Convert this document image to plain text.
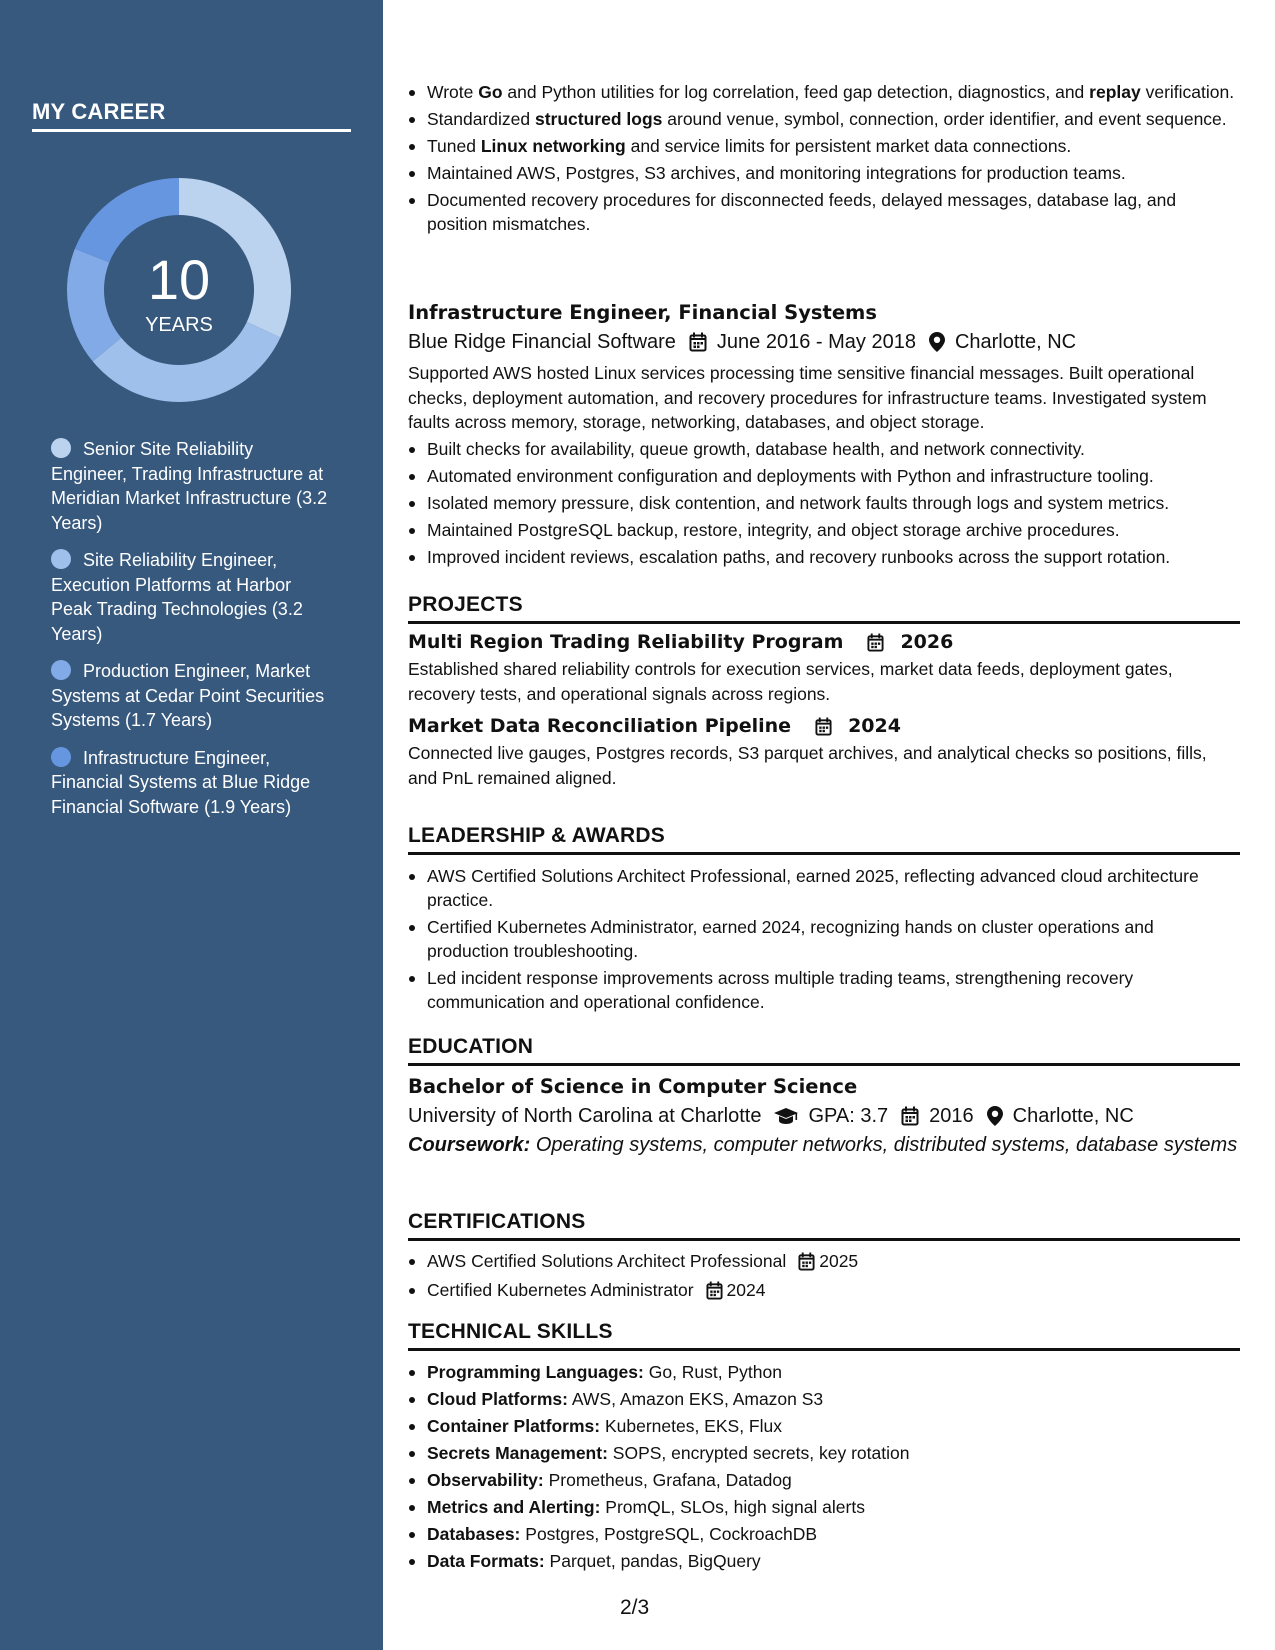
MY CAREER
10
YEARS
Senior Site Reliability Engineer, Trading Infrastructure at Meridian Market Infrastructure (3.2 Years)
Site Reliability Engineer, Execution Platforms at Harbor Peak Trading Technologies (3.2 Years)
Production Engineer, Market Systems at Cedar Point Securities Systems (1.7 Years)
Infrastructure Engineer, Financial Systems at Blue Ridge Financial Software (1.9 Years)
Wrote Go and Python utilities for log correlation, feed gap detection, diagnostics, and replay verification.
Standardized structured logs around venue, symbol, connection, order identifier, and event sequence.
Tuned Linux networking and service limits for persistent market data connections.
Maintained AWS, Postgres, S3 archives, and monitoring integrations for production teams.
Documented recovery procedures for disconnected feeds, delayed messages, database lag, and position mismatches.
Infrastructure Engineer, Financial Systems
Blue Ridge Financial Software June 2016 - May 2018 Charlotte, NC
Supported AWS hosted Linux services processing time sensitive financial messages. Built operational checks, deployment automation, and recovery procedures for infrastructure teams. Investigated system faults across memory, storage, networking, databases, and object storage.
Built checks for availability, queue growth, database health, and network connectivity.
Automated environment configuration and deployments with Python and infrastructure tooling.
Isolated memory pressure, disk contention, and network faults through logs and system metrics.
Maintained PostgreSQL backup, restore, integrity, and object storage archive procedures.
Improved incident reviews, escalation paths, and recovery runbooks across the support rotation.
PROJECTS
Multi Region Trading Reliability Program	2026
Established shared reliability controls for execution services, market data feeds, deployment gates, recovery tests, and operational signals across regions.
Market Data Reconciliation Pipeline	2024
Connected live gauges, Postgres records, S3 parquet archives, and analytical checks so positions, fills, and PnL remained aligned.
LEADERSHIP & AWARDS
AWS Certified Solutions Architect Professional, earned 2025, reflecting advanced cloud architecture practice.
Certified Kubernetes Administrator, earned 2024, recognizing hands on cluster operations and production troubleshooting.
Led incident response improvements across multiple trading teams, strengthening recovery communication and operational confidence.
EDUCATION
Bachelor of Science in Computer Science
University of North Carolina at Charlotte GPA: 3.7 2016 Charlotte, NC
Coursework: Operating systems, computer networks, distributed systems, database systems
CERTIFICATIONS
AWS Certified Solutions Architect Professional 2025
Certified Kubernetes Administrator 2024
TECHNICAL SKILLS
Programming Languages: Go, Rust, Python
Cloud Platforms: AWS, Amazon EKS, Amazon S3
Container Platforms: Kubernetes, EKS, Flux
Secrets Management: SOPS, encrypted secrets, key rotation
Observability: Prometheus, Grafana, Datadog
Metrics and Alerting: PromQL, SLOs, high signal alerts
Databases: Postgres, PostgreSQL, CockroachDB
Data Formats: Parquet, pandas, BigQuery
2/3
